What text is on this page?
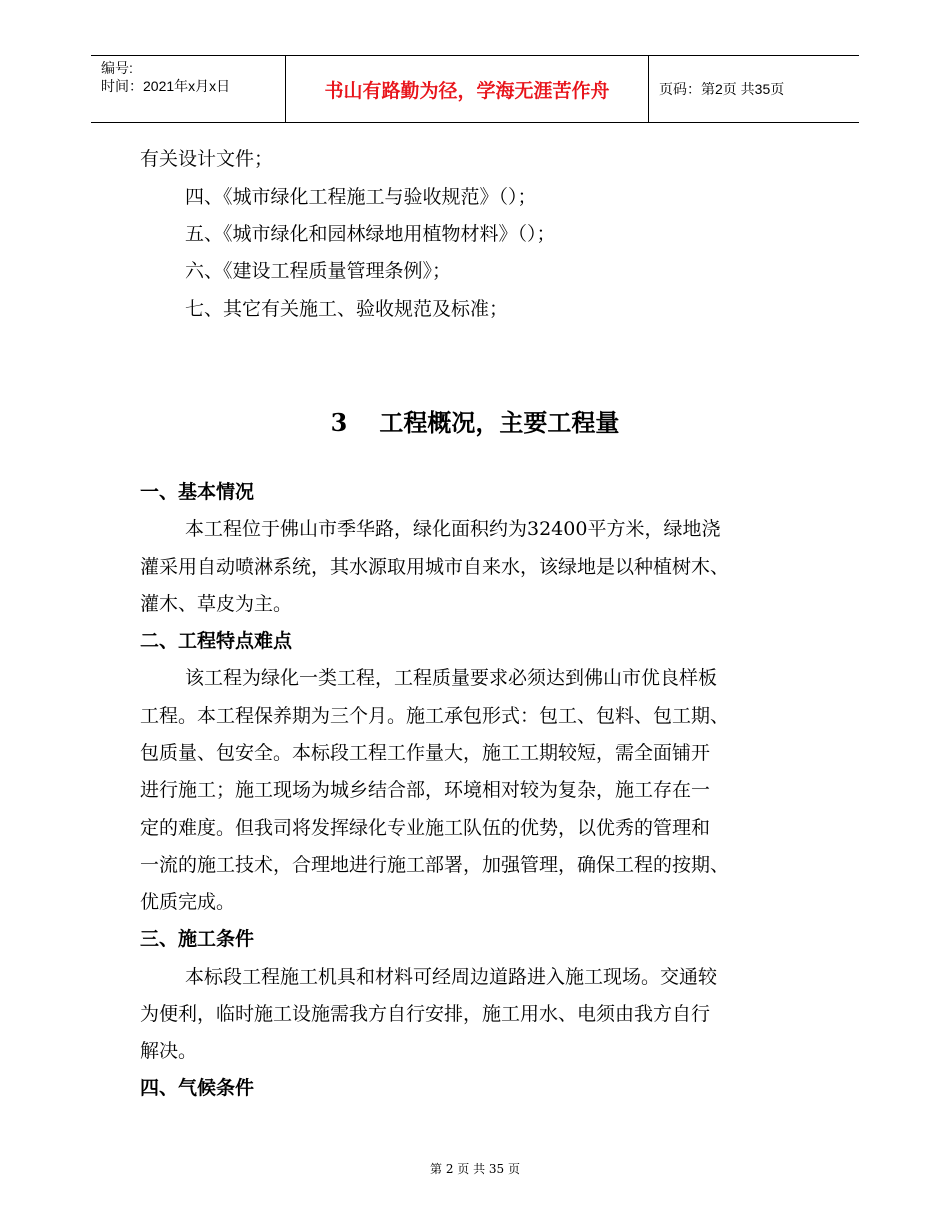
编号:
时间：2021年x月x日	书山有路勤为径，学海无涯苦作舟	页码：第2页 共35页
有关设计文件；
四、《城市绿化工程施工与验收规范》（）；
五、《城市绿化和园林绿地用植物材料》（）；
六、《建设工程质量管理条例》；
七、其它有关施工、验收规范及标准；
3 工程概况，主要工程量
一、基本情况
本工程位于佛山市季华路，绿化面积约为32400平方米，绿地浇
灌采用自动喷淋系统，其水源取用城市自来水，该绿地是以种植树木、
灌木、草皮为主。
二、工程特点难点
该工程为绿化一类工程，工程质量要求必须达到佛山市优良样板
工程。本工程保养期为三个月。施工承包形式：包工、包料、包工期、
包质量、包安全。本标段工程工作量大，施工工期较短，需全面铺开
进行施工；施工现场为城乡结合部，环境相对较为复杂，施工存在一
定的难度。但我司将发挥绿化专业施工队伍的优势，以优秀的管理和
一流的施工技术，合理地进行施工部署，加强管理，确保工程的按期、
优质完成。
三、施工条件
本标段工程施工机具和材料可经周边道路进入施工现场。交通较
为便利，临时施工设施需我方自行安排，施工用水、电须由我方自行
解决。
四、气候条件
第 2 页 共 35 页
